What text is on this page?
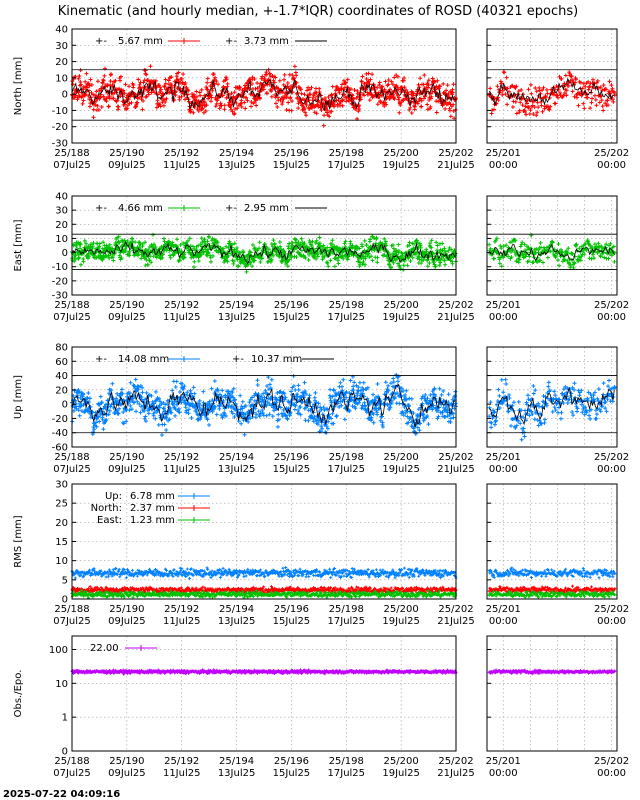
Kinematic (and hourly median, +-1.7*IQR) coordinates of ROSD (40321 epochs)
North [mm]
40
30
20
10
0
-10
-20
-30
25/188
07Jul25
25/190
09Jul25
25/192
11Jul25
25/194
13Jul25
25/196
15Jul25
25/198
17Jul25
25/200
19Jul25
25/202
21Jul25
25/201
00:00
25/202
00:00
+- 5.67 mm	+- 3.73 mm
East [mm]
40
30
20
10
0
-10
-20
-30
25/188
07Jul25
25/190
09Jul25
25/192
11Jul25
25/194
13Jul25
25/196
15Jul25
25/198
17Jul25
25/200
19Jul25
25/202
21Jul25
25/201
00:00
25/202
00:00
+- 4.66 mm	+- 2.95 mm
Up [mm]
80
60
40
20
0
-20
-40
-60
25/188
07Jul25
25/190
09Jul25
25/192
11Jul25
25/194
13Jul25
25/196
15Jul25
25/198
17Jul25
25/200
19Jul25
25/202
21Jul25
25/201
00:00
25/202
00:00
+- 14.08 mm	+- 10.37 mm
RMS [mm]
30
25
20
15
10
5
0
25/188
07Jul25
25/190
09Jul25
25/192
11Jul25
25/194
13Jul25
25/196
15Jul25
25/198
17Jul25
25/200
19Jul25
25/202
21Jul25
25/201
00:00
25/202
00:00
Up: 6.78 mm
North: 2.37 mm
East: 1.23 mm
Obs./Epo.
100
10
1
0
25/188
07Jul25
25/190
09Jul25
25/192
11Jul25
25/194
13Jul25
25/196
15Jul25
25/198
17Jul25
25/200
19Jul25
25/202
21Jul25
25/201
00:00
25/202
00:00
22.00
2025-07-22 04:09:16
